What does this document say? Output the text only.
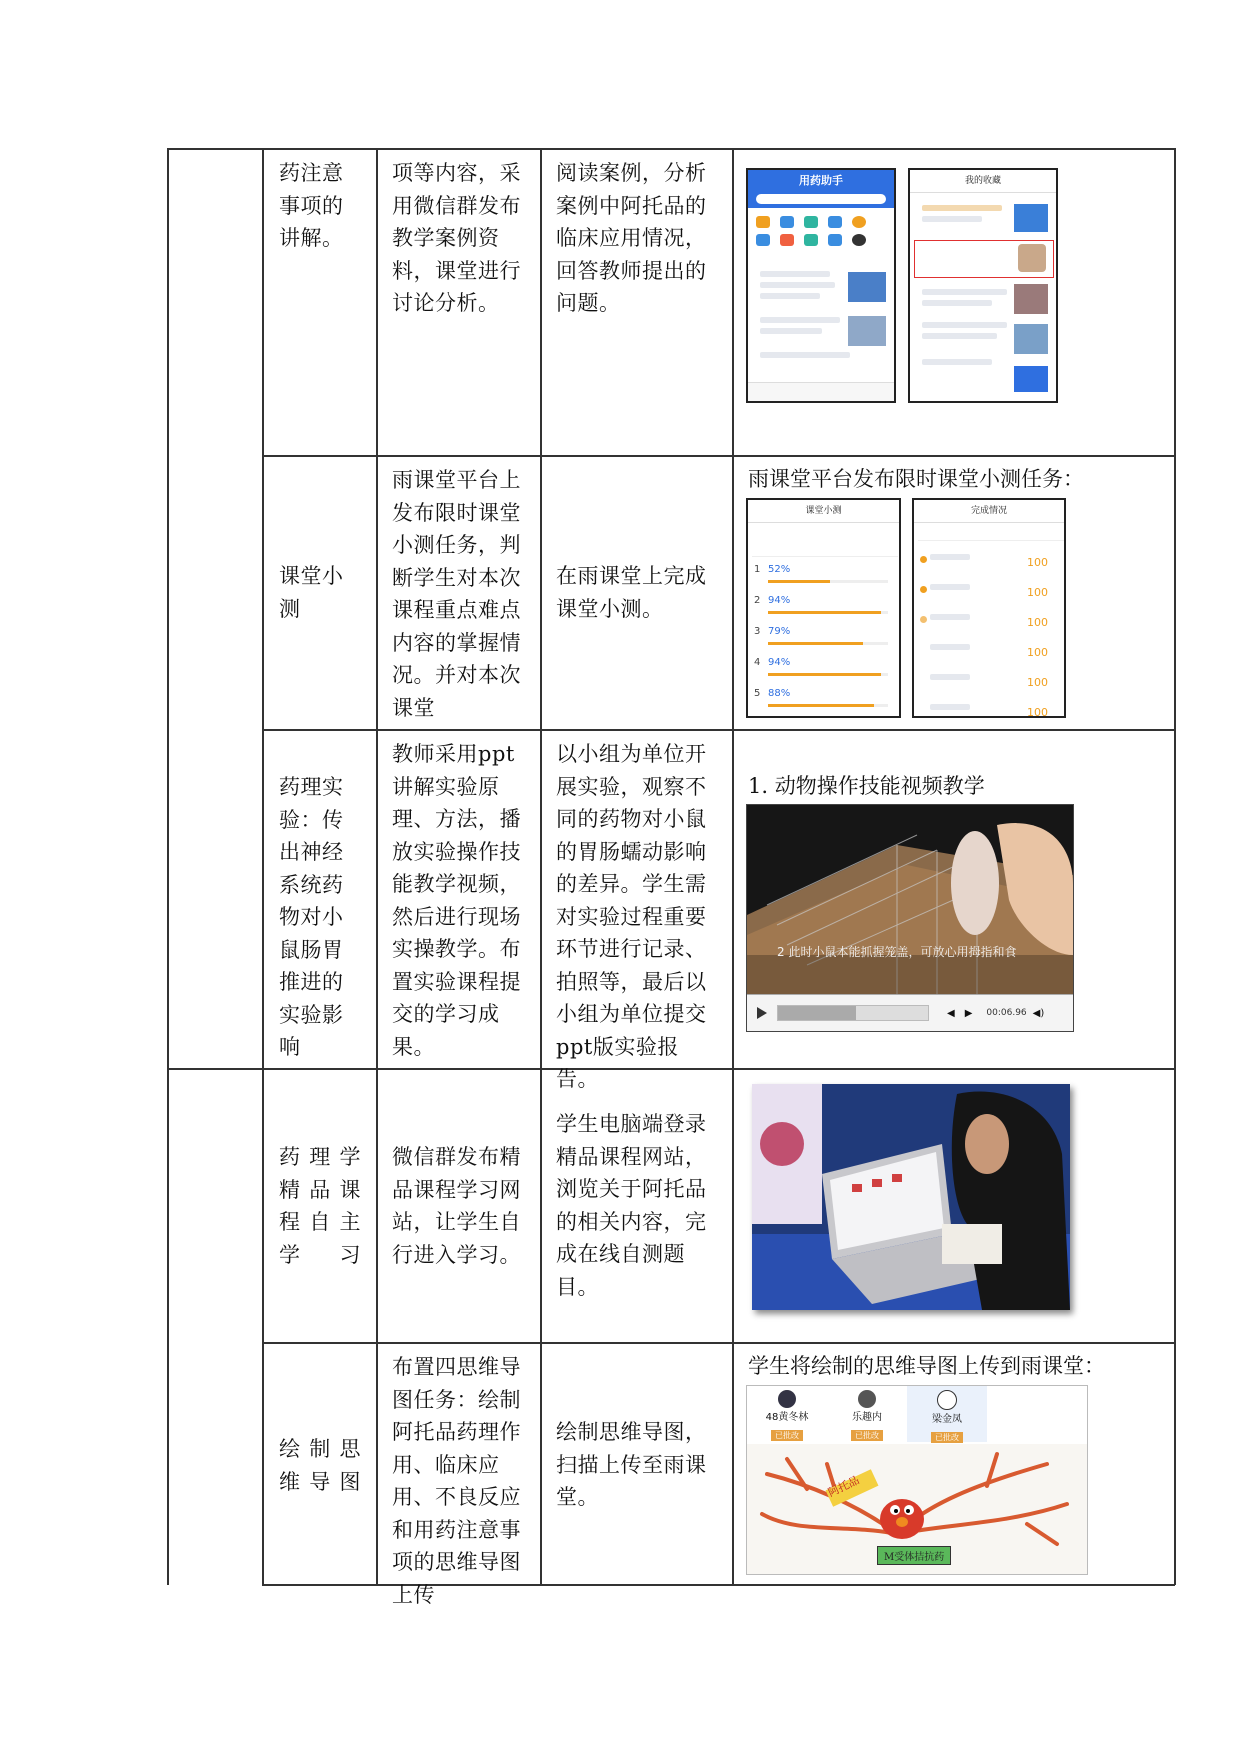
药注意事项的讲解。
项等内容，采用微信群发布教学案例资料，课堂进行讨论分析。
阅读案例，分析案例中阿托品的临床应用情况，回答教师提出的问题。
用药助手	我的收藏
课堂小测
雨课堂平台上发布限时课堂小测任务，判断学生对本次课程重点难点内容的掌握情况。并对本次课堂
在雨课堂上完成课堂小测。
雨课堂平台发布限时课堂小测任务：
课堂小测
1 52%
2 94%
3 79%
4 94%
5 88%
完成情况
100
100
100
100
100
100
药理实验：传出神经系统药物对小鼠肠胃推进的实验影响
教师采用ppt讲解实验原理、方法，播放实验操作技能教学视频，然后进行现场实操教学。布置实验课程提交的学习成果。
以小组为单位开展实验，观察不同的药物对小鼠的胃肠蠕动影响的差异。学生需对实验过程重要环节进行记录、拍照等，最后以小组为单位提交ppt版实验报告。
1. 动物操作技能视频教学
2 此时小鼠本能抓握笼盖，可放心用拇指和食
◀ ▶ 00:06.96 ◀)
药理学精品课程自主学习
微信群发布精品课程学习网站，让学生自行进入学习。
学生电脑端登录精品课程网站，浏览关于阿托品的相关内容，完成在线自测题目。
绘制思维导图
布置四思维导图任务：绘制阿托品药理作用、临床应用、不良反应和用药注意事项的思维导图上传
绘制思维导图，扫描上传至雨课堂。
学生将绘制的思维导图上传到雨课堂：
48黄冬林
已批改
乐趣内
已批改
梁金凤
已批改
阿托品
M受体拮抗药
